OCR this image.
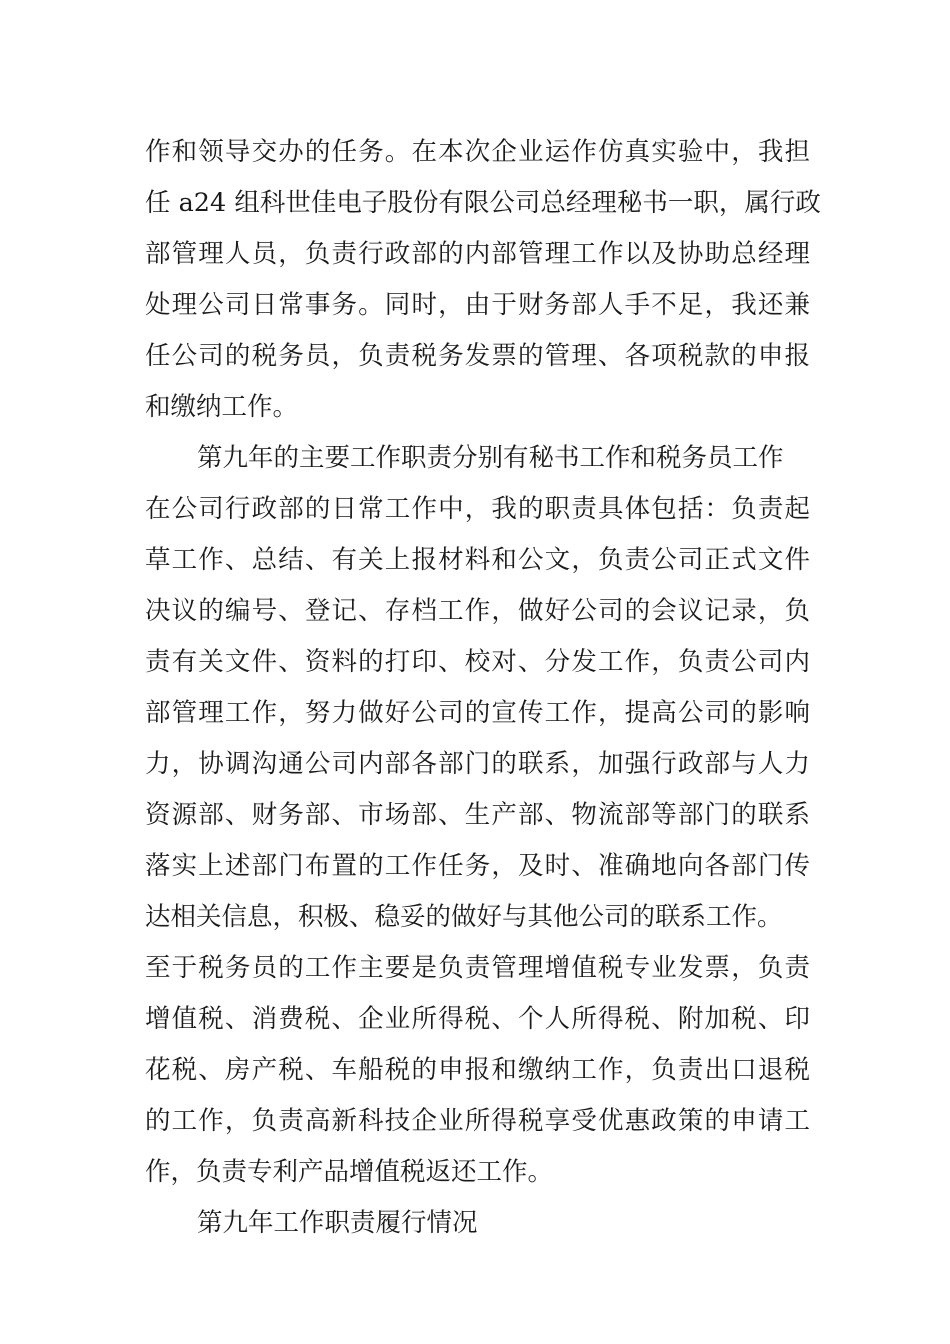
作和领导交办的任务。在本次企业运作仿真实验中，我担
任 a24 组科世佳电子股份有限公司总经理秘书一职，属行政
部管理人员，负责行政部的内部管理工作以及协助总经理
处理公司日常事务。同时，由于财务部人手不足，我还兼
任公司的税务员，负责税务发票的管理、各项税款的申报
和缴纳工作。
第九年的主要工作职责分别有秘书工作和税务员工作
在公司行政部的日常工作中，我的职责具体包括：负责起
草工作、总结、有关上报材料和公文，负责公司正式文件
决议的编号、登记、存档工作，做好公司的会议记录，负
责有关文件、资料的打印、校对、分发工作，负责公司内
部管理工作，努力做好公司的宣传工作，提高公司的影响
力，协调沟通公司内部各部门的联系，加强行政部与人力
资源部、财务部、市场部、生产部、物流部等部门的联系
落实上述部门布置的工作任务，及时、准确地向各部门传
达相关信息，积极、稳妥的做好与其他公司的联系工作。
至于税务员的工作主要是负责管理增值税专业发票，负责
增值税、消费税、企业所得税、个人所得税、附加税、印
花税、房产税、车船税的申报和缴纳工作，负责出口退税
的工作，负责高新科技企业所得税享受优惠政策的申请工
作，负责专利产品增值税返还工作。
第九年工作职责履行情况
